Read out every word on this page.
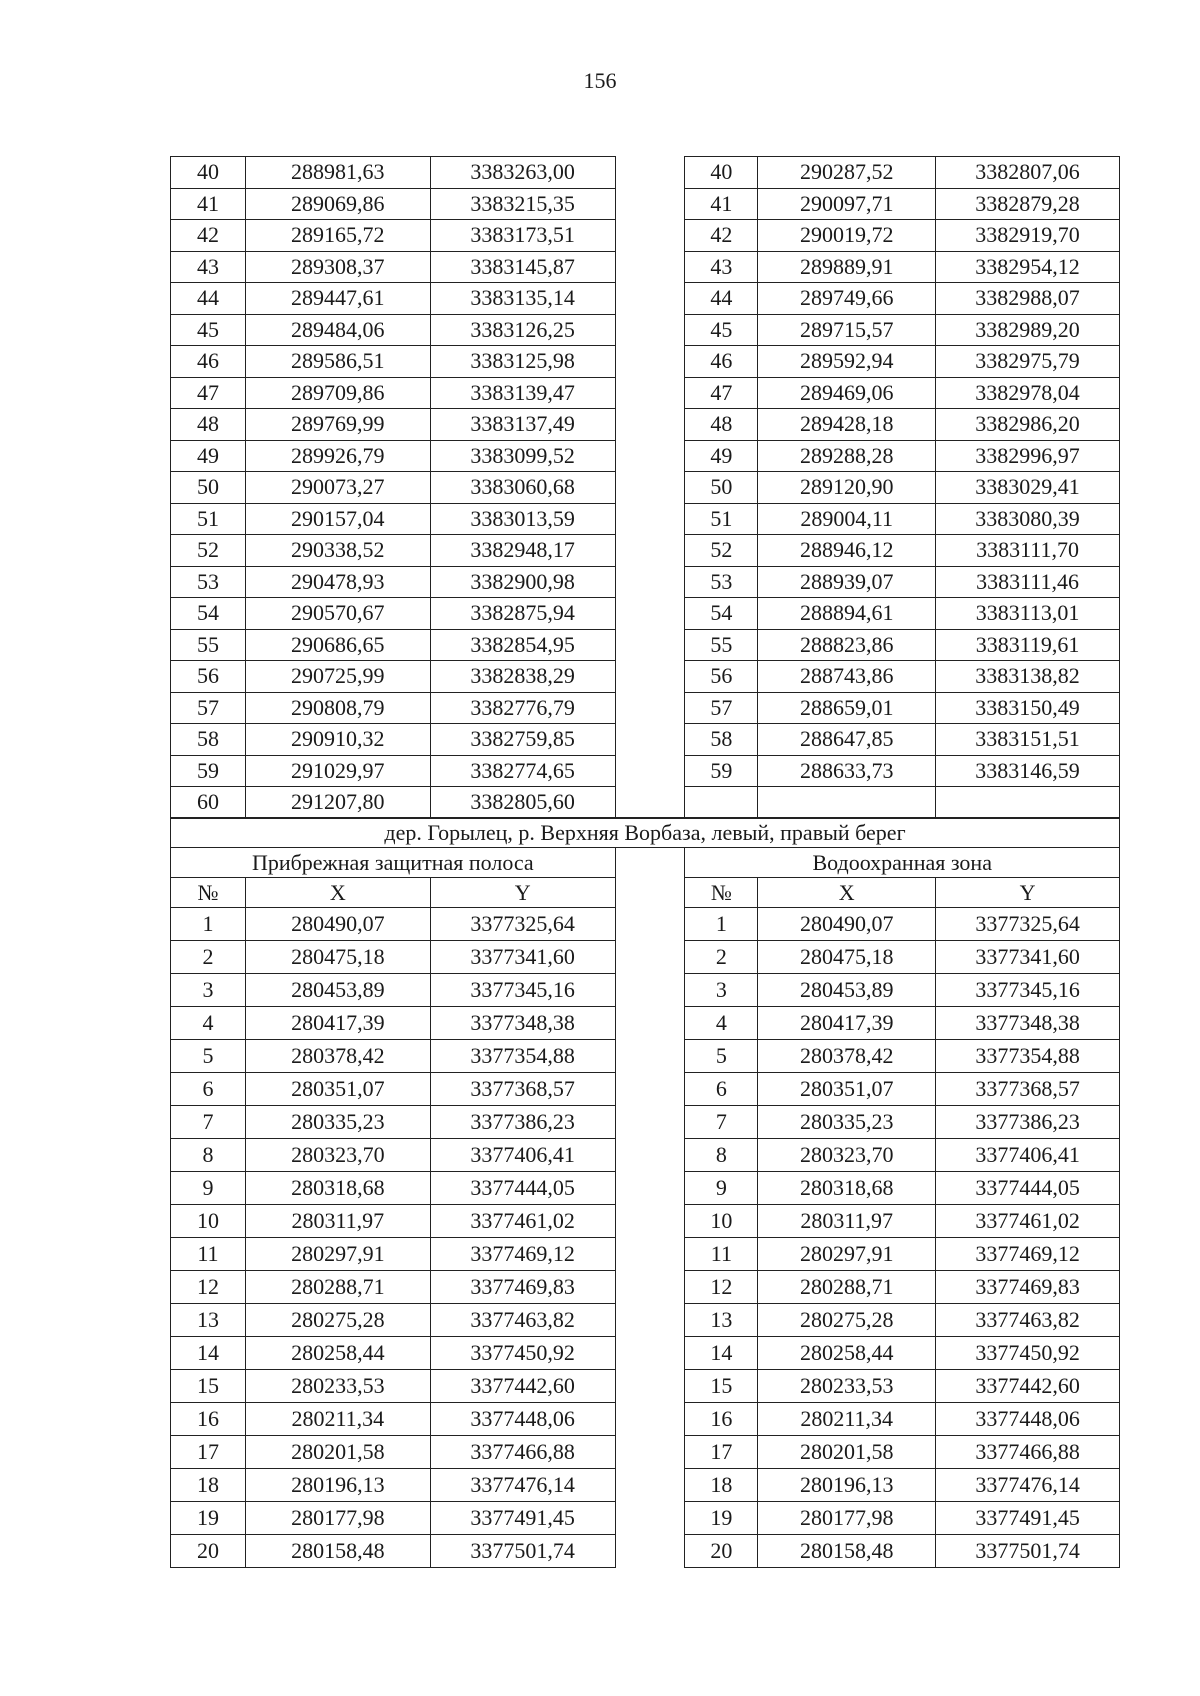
156
40	288981,63	3383263,00		40	290287,52	3382807,06
41	289069,86	3383215,35		41	290097,71	3382879,28
42	289165,72	3383173,51		42	290019,72	3382919,70
43	289308,37	3383145,87		43	289889,91	3382954,12
44	289447,61	3383135,14		44	289749,66	3382988,07
45	289484,06	3383126,25		45	289715,57	3382989,20
46	289586,51	3383125,98		46	289592,94	3382975,79
47	289709,86	3383139,47		47	289469,06	3382978,04
48	289769,99	3383137,49		48	289428,18	3382986,20
49	289926,79	3383099,52		49	289288,28	3382996,97
50	290073,27	3383060,68		50	289120,90	3383029,41
51	290157,04	3383013,59		51	289004,11	3383080,39
52	290338,52	3382948,17		52	288946,12	3383111,70
53	290478,93	3382900,98		53	288939,07	3383111,46
54	290570,67	3382875,94		54	288894,61	3383113,01
55	290686,65	3382854,95		55	288823,86	3383119,61
56	290725,99	3382838,29		56	288743,86	3383138,82
57	290808,79	3382776,79		57	288659,01	3383150,49
58	290910,32	3382759,85		58	288647,85	3383151,51
59	291029,97	3382774,65		59	288633,73	3383146,59
60	291207,80	3382805,60				
дер. Горылец, р. Верхняя Ворбаза, левый, правый берег						
Прибрежная защитная полоса				Водоохранная зона		
№	X	Y		№	X	Y
1	280490,07	3377325,64		1	280490,07	3377325,64
2	280475,18	3377341,60		2	280475,18	3377341,60
3	280453,89	3377345,16		3	280453,89	3377345,16
4	280417,39	3377348,38		4	280417,39	3377348,38
5	280378,42	3377354,88		5	280378,42	3377354,88
6	280351,07	3377368,57		6	280351,07	3377368,57
7	280335,23	3377386,23		7	280335,23	3377386,23
8	280323,70	3377406,41		8	280323,70	3377406,41
9	280318,68	3377444,05		9	280318,68	3377444,05
10	280311,97	3377461,02		10	280311,97	3377461,02
11	280297,91	3377469,12		11	280297,91	3377469,12
12	280288,71	3377469,83		12	280288,71	3377469,83
13	280275,28	3377463,82		13	280275,28	3377463,82
14	280258,44	3377450,92		14	280258,44	3377450,92
15	280233,53	3377442,60		15	280233,53	3377442,60
16	280211,34	3377448,06		16	280211,34	3377448,06
17	280201,58	3377466,88		17	280201,58	3377466,88
18	280196,13	3377476,14		18	280196,13	3377476,14
19	280177,98	3377491,45		19	280177,98	3377491,45
20	280158,48	3377501,74		20	280158,48	3377501,74
